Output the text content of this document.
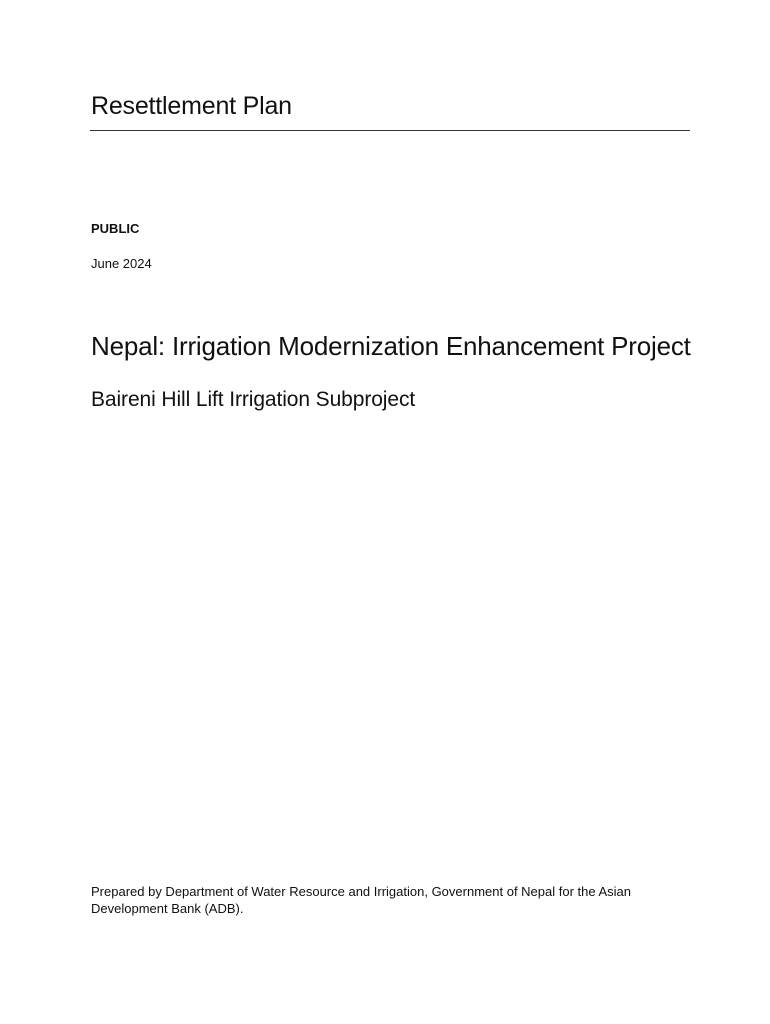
Resettlement Plan

PUBLIC

June 2024

Nepal: Irrigation Modernization Enhancement Project
Baireni Hill Lift Irrigation Subproject

Prepared by Department of Water Resource and Irrigation, Government of Nepal for the Asian Development Bank (ADB).
